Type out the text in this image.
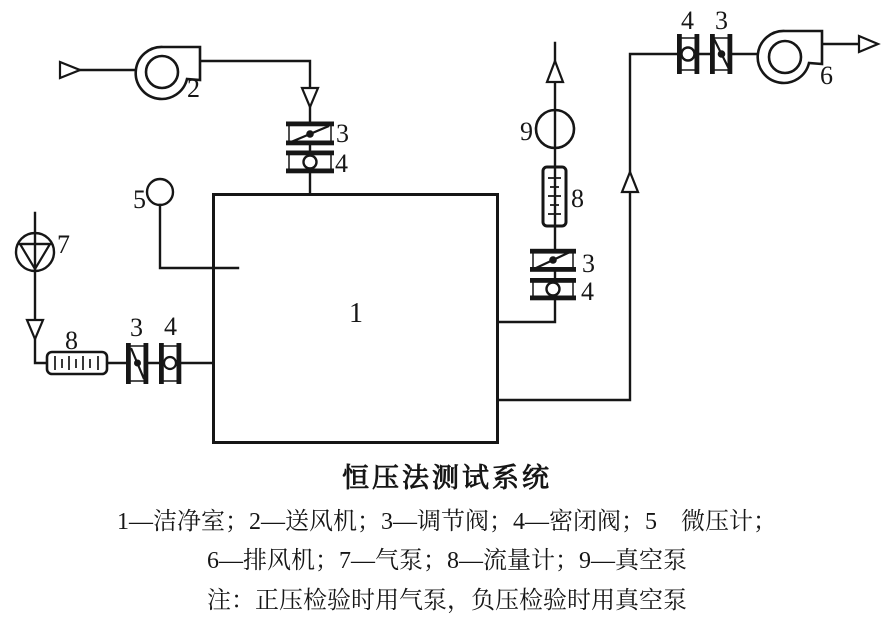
1
2
3
4
5
6
7
8 3 4
9
8
3
4
4 3
恒压法测试系统
1—洁净室；2—送风机；3—调节阀；4—密闭阀；5　微压计；
6—排风机；7—气泵；8—流量计；9—真空泵
注：正压检验时用气泵，负压检验时用真空泵
